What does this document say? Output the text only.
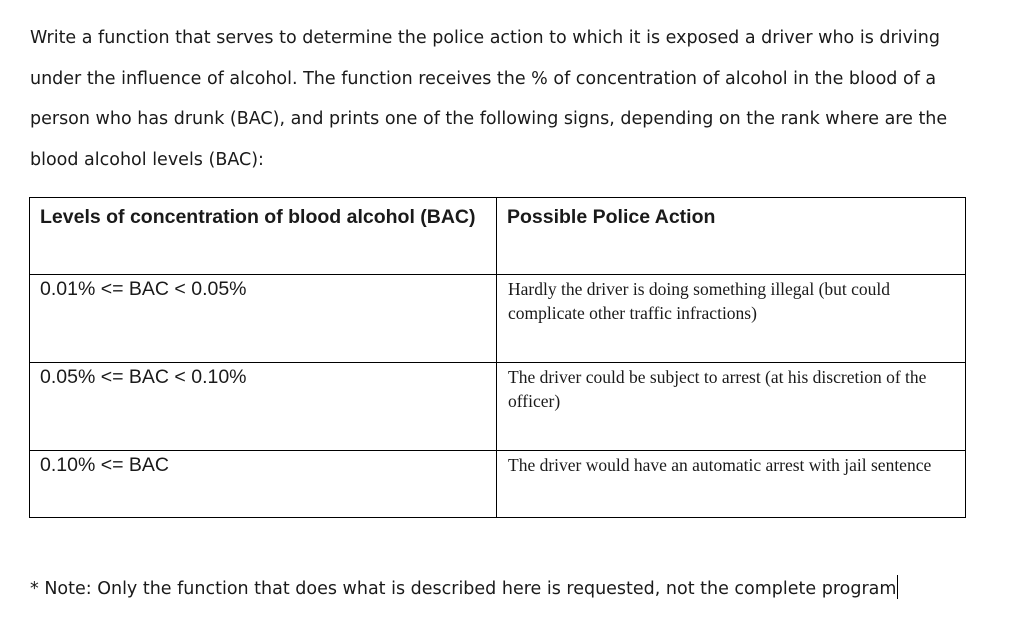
Write a function that serves to determine the police action to which it is exposed a driver who is driving
under the influence of alcohol. The function receives the % of concentration of alcohol in the blood of a
person who has drunk (BAC), and prints one of the following signs, depending on the rank where are the
blood alcohol levels (BAC):

Levels of concentration of blood alcohol (BAC)	Possible Police Action

0.01% <= BAC < 0.05%	Hardly the driver is doing something illegal (but could complicate other traffic infractions)

0.05% <= BAC < 0.10%	The driver could be subject to arrest (at his discretion of the officer)

0.10% <= BAC	The driver would have an automatic arrest with jail sentence
* Note: Only the function that does what is described here is requested, not the complete program
